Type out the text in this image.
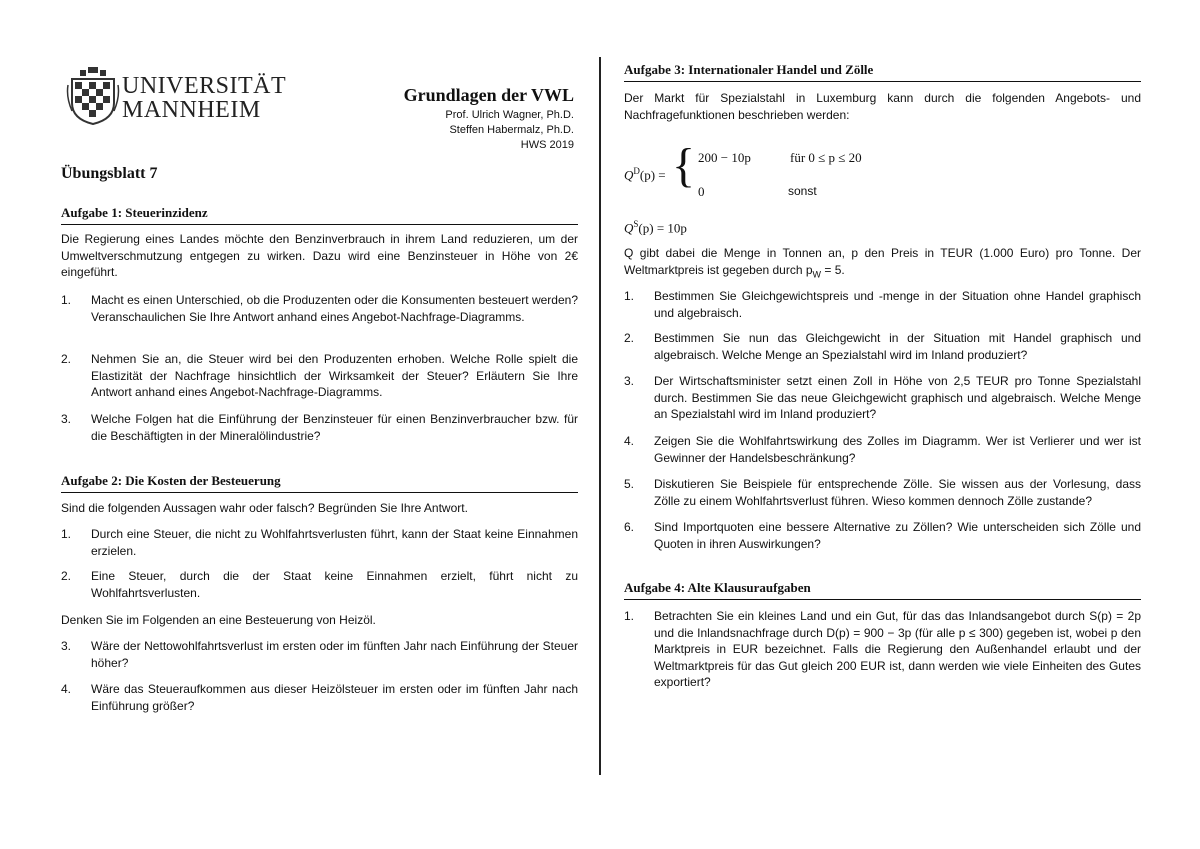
UNIVERSITÄT
MANNHEIM
Grundlagen der VWL
Prof. Ulrich Wagner, Ph.D.
Steffen Habermalz, Ph.D.
HWS 2019
Übungsblatt 7
Aufgabe 1: Steuerinzidenz
Die Regierung eines Landes möchte den Benzinverbrauch in ihrem Land reduzieren, um der Umweltverschmutzung entgegen zu wirken. Dazu wird eine Benzinsteuer in Höhe von 2€ eingeführt.
1. Macht es einen Unterschied, ob die Produzenten oder die Konsumenten besteuert werden? Veranschaulichen Sie Ihre Antwort anhand eines Angebot-Nachfrage-Diagramms.
2. Nehmen Sie an, die Steuer wird bei den Produzenten erhoben. Welche Rolle spielt die Elastizität der Nachfrage hinsichtlich der Wirksamkeit der Steuer? Erläutern Sie Ihre Antwort anhand eines Angebot-Nachfrage-Diagramms.
3. Welche Folgen hat die Einführung der Benzinsteuer für einen Benzinverbraucher bzw. für die Beschäftigten in der Mineralölindustrie?
Aufgabe 2: Die Kosten der Besteuerung
Sind die folgenden Aussagen wahr oder falsch? Begründen Sie Ihre Antwort.
1. Durch eine Steuer, die nicht zu Wohlfahrtsverlusten führt, kann der Staat keine Einnahmen erzielen.
2. Eine Steuer, durch die der Staat keine Einnahmen erzielt, führt nicht zu Wohlfahrtsverlusten.
Denken Sie im Folgenden an eine Besteuerung von Heizöl.
3. Wäre der Nettowohlfahrtsverlust im ersten oder im fünften Jahr nach Einführung der Steuer höher?
4. Wäre das Steueraufkommen aus dieser Heizölsteuer im ersten oder im fünften Jahr nach Einführung größer?
Aufgabe 3: Internationaler Handel und Zölle
Der Markt für Spezialstahl in Luxemburg kann durch die folgenden Angebots- und Nachfragefunktionen beschrieben werden:
$Q^D(p)$ = { 200 − 10p	für 0 ≤ p ≤ 20
0	sonst
$Q^S(p) = 10p$
Q gibt dabei die Menge in Tonnen an, p den Preis in TEUR (1.000 Euro) pro Tonne. Der Weltmarktpreis ist gegeben durch $p_W = 5$.
1. Bestimmen Sie Gleichgewichtspreis und -menge in der Situation ohne Handel graphisch und algebraisch.
2. Bestimmen Sie nun das Gleichgewicht in der Situation mit Handel graphisch und algebraisch. Welche Menge an Spezialstahl wird im Inland produziert?
3. Der Wirtschaftsminister setzt einen Zoll in Höhe von 2,5 TEUR pro Tonne Spezialstahl durch. Bestimmen Sie das neue Gleichgewicht graphisch und algebraisch. Welche Menge an Spezialstahl wird im Inland produziert?
4. Zeigen Sie die Wohlfahrtswirkung des Zolles im Diagramm. Wer ist Verlierer und wer ist Gewinner der Handelsbeschränkung?
5. Diskutieren Sie Beispiele für entsprechende Zölle. Sie wissen aus der Vorlesung, dass Zölle zu einem Wohlfahrtsverlust führen. Wieso kommen dennoch Zölle zustande?
6. Sind Importquoten eine bessere Alternative zu Zöllen? Wie unterscheiden sich Zölle und Quoten in ihren Auswirkungen?
Aufgabe 4: Alte Klausuraufgaben
1. Betrachten Sie ein kleines Land und ein Gut, für das das Inlandsangebot durch S(p) = 2p und die Inlandsnachfrage durch D(p) = 900 − 3p (für alle p ≤ 300) gegeben ist, wobei p den Marktpreis in EUR bezeichnet. Falls die Regierung den Außenhandel erlaubt und der Weltmarktpreis für das Gut gleich 200 EUR ist, dann werden wie viele Einheiten des Gutes exportiert?
